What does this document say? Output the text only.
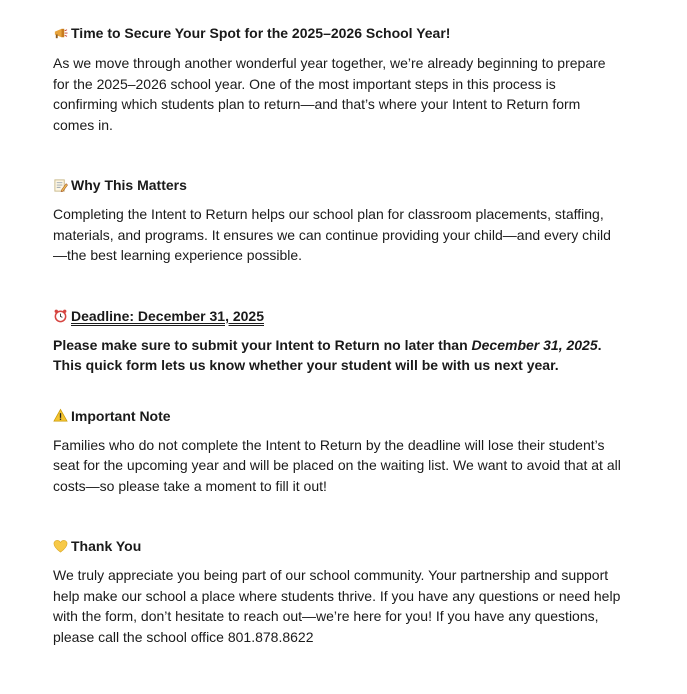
Time to Secure Your Spot for the 2025–2026 School Year!

As we move through another wonderful year together, we’re already beginning to prepare for the 2025–2026 school year. One of the most important steps in this process is confirming which students plan to return—and that’s where your Intent to Return form comes in.

Why This Matters

Completing the Intent to Return helps our school plan for classroom placements, staffing, materials, and programs. It ensures we can continue providing your child—and every child—the best learning experience possible.

Deadline: December 31, 2025

Please make sure to submit your Intent to Return no later than December 31, 2025. This quick form lets us know whether your student will be with us next year.

Important Note

Families who do not complete the Intent to Return by the deadline will lose their student’s seat for the upcoming year and will be placed on the waiting list. We want to avoid that at all costs—so please take a moment to fill it out!

Thank You

We truly appreciate you being part of our school community. Your partnership and support help make our school a place where students thrive. If you have any questions or need help with the form, don’t hesitate to reach out—we’re here for you! If you have any questions, please call the school office 801.878.8622
